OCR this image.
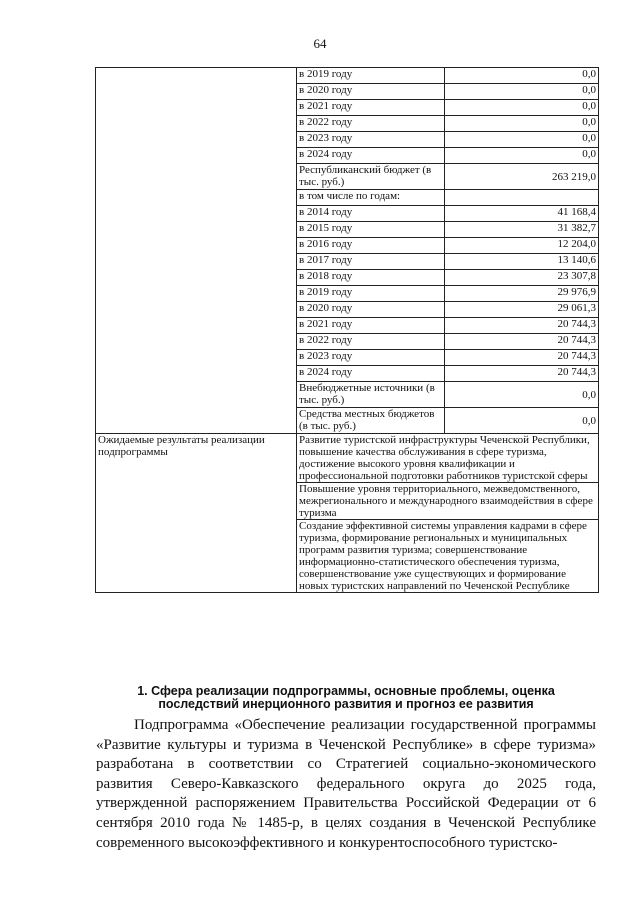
64
	в 2019 году	0,0
	в 2020 году	0,0
	в 2021 году	0,0
	в 2022 году	0,0
	в 2023 году	0,0
	в 2024 году	0,0
	Республиканский бюджет (в тыс. руб.)	263 219,0
	в том числе по годам:	
	в 2014 году	41 168,4
	в 2015 году	31 382,7
	в 2016 году	12 204,0
	в 2017 году	13 140,6
	в 2018 году	23 307,8
	в 2019 году	29 976,9
	в 2020 году	29 061,3
	в 2021 году	20 744,3
	в 2022 году	20 744,3
	в 2023 году	20 744,3
	в 2024 году	20 744,3
	Внебюджетные источники (в тыс. руб.)	0,0
	Средства местных бюджетов (в тыс. руб.)	0,0
Ожидаемые результаты реализации подпрограммы	Развитие туристской инфраструктуры Чеченской Республики, повышение качества обслуживания в сфере туризма, достижение высокого уровня квалификации и профессиональной подготовки работников туристской сферы	
	Повышение уровня территориального, межведомственного, межрегионального и международного взаимодействия в сфере туризма	
	Создание эффективной системы управления кадрами в сфере туризма, формирование региональных и муниципальных программ развития туризма; совершенствование информационно-статистического обеспечения туризма, совершенствование уже существующих и формирование новых туристских направлений по Чеченской Республике	
1. Сфера реализации подпрограммы, основные проблемы, оценка последствий инерционного развития и прогноз ее развития
Подпрограмма «Обеспечение реализации государственной программы «Развитие культуры и туризма в Чеченской Республике» в сфере туризма» разработана в соответствии со Стратегией социально-экономического развития Северо-Кавказского федерального округа до 2025 года, утвержденной распоряжением Правительства Российской Федерации от 6 сентября 2010 года № 1485-р, в целях создания в Чеченской Республике современного высокоэффективного и конкурентоспособного туристско-
